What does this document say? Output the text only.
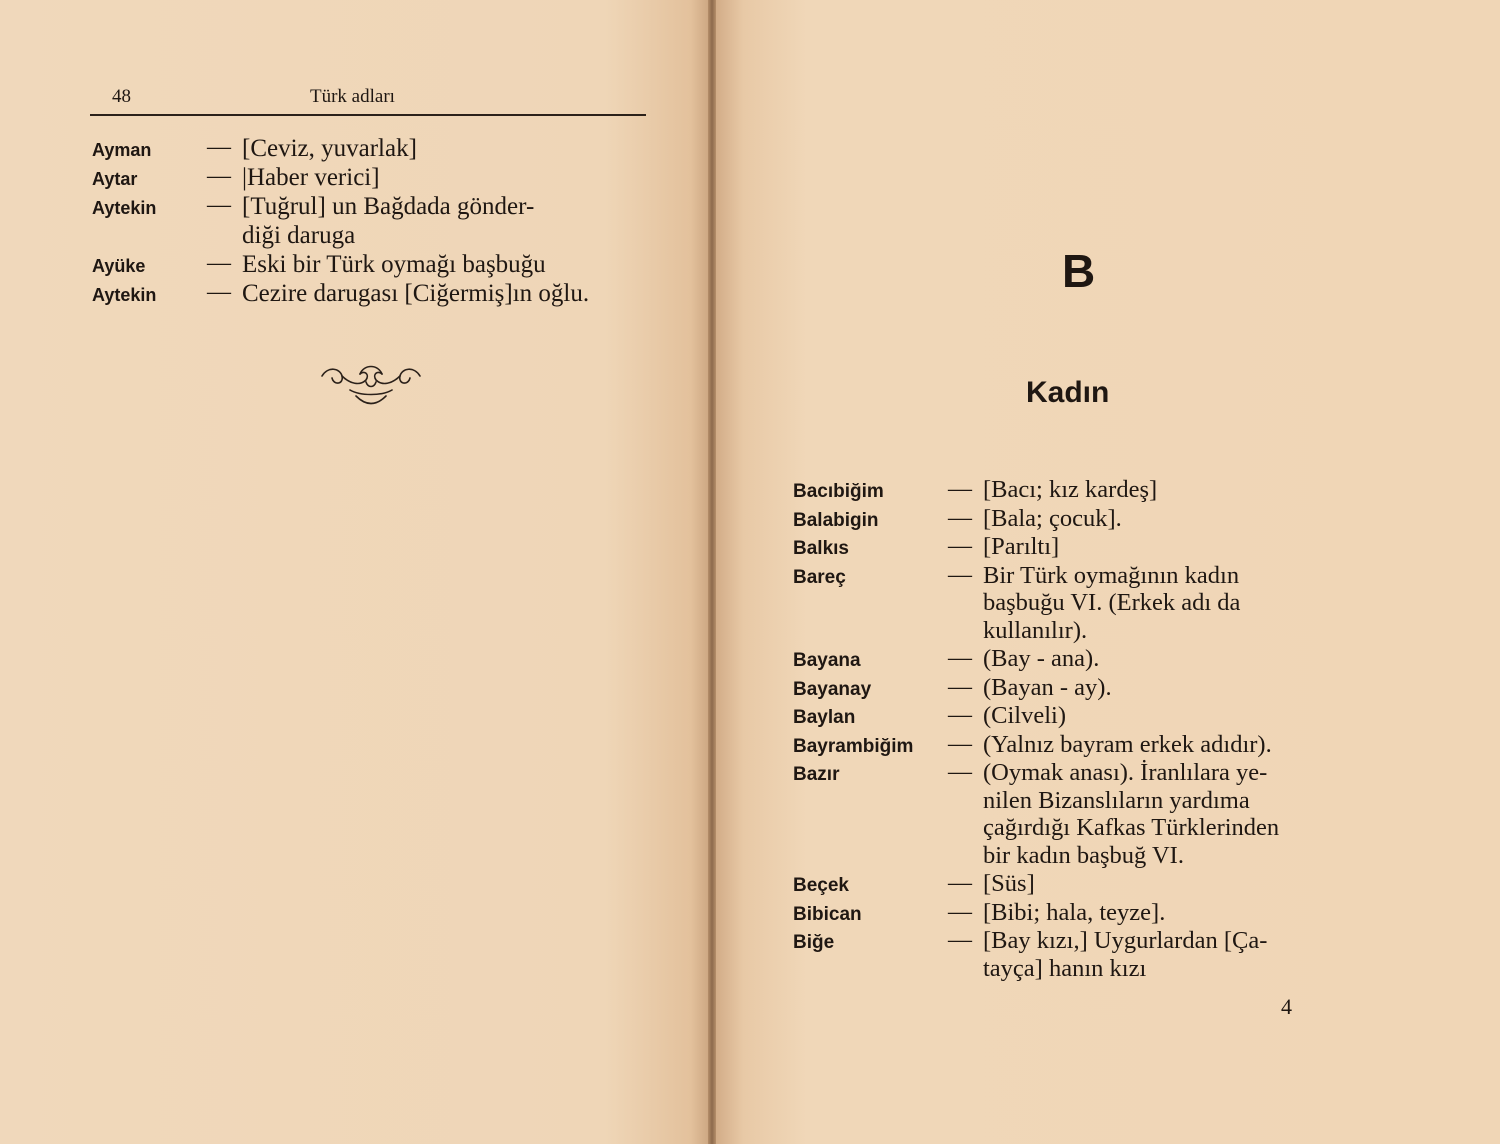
48	Türk adları
Ayman — [Ceviz, yuvarlak]
Aytar	— |Haber verici]
Aytekin — [Tuğrul] un Bağdada gönder-
diği daruga
Ayüke	— Eski bir Türk oymağı başbuğu
Aytekin — Cezire darugası [Ciğermiş]ın oğlu.	B
Kadın
Bacıbiğim	— [Bacı; kız kardeş]
Balabigin	— [Bala; çocuk].
Balkıs	— [Parıltı]
Bareç	— Bir Türk oymağının kadın
başbuğu VI. (Erkek adı da
kullanılır).
Bayana	— (Bay - ana).
Bayanay	— (Bayan - ay).
Baylan	— (Cilveli)
Bayrambiğim — (Yalnız bayram erkek adıdır).
Bazır	— (Oymak anası). İranlılara ye-
nilen Bizanslıların yardıma
çağırdığı Kafkas Türklerinden
bir kadın başbuğ VI.
Beçek	— [Süs]
Bibican	— [Bibi; hala, teyze].
Biğe	— [Bay kızı,] Uygurlardan [Ça-
tayça] hanın kızı
4
